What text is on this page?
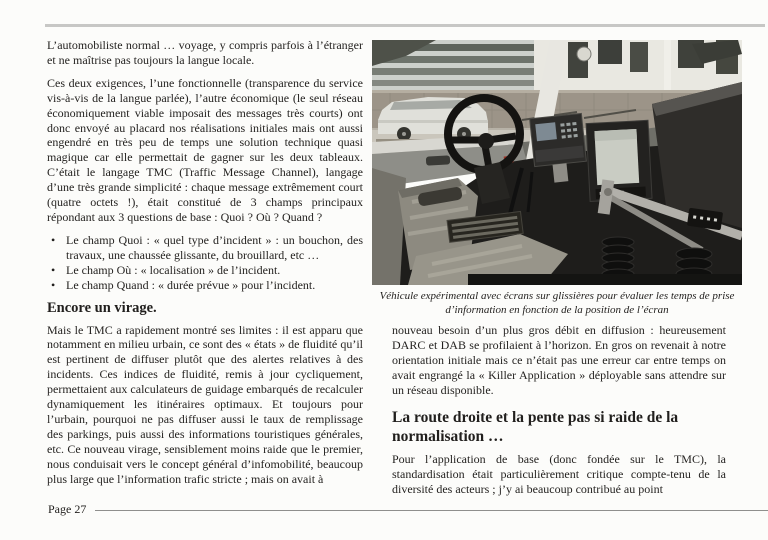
L’automobiliste normal … voyage, y compris parfois à l’étranger et ne maîtrise pas toujours la langue locale.

Ces deux exigences, l’une fonctionnelle (transparence du service vis-à-vis de la langue parlée), l’autre économique (le seul réseau économiquement viable imposait des messages très courts) ont donc envoyé au placard nos réalisations initiales mais ont aussi engendré en très peu de temps une solution technique quasi magique car elle permettait de gagner sur les deux tableaux. C’était le langage TMC (Traffic Message Channel), langage d’une très grande simplicité : chaque message extrêmement court (quatre octets !), était constitué de 3 champs principaux répondant aux 3 questions de base : Quoi ? Où ? Quand ?

• Le champ Quoi : « quel type d’incident » : un bouchon, des travaux, une chaussée glissante, du brouillard, etc …
• Le champ Où : « localisation » de l’incident.
• Le champ Quand : « durée prévue » pour l’incident.
Encore un virage.

Mais le TMC a rapidement montré ses limites : il est apparu que notamment en milieu urbain, ce sont des « états » de fluidité qu’il est pertinent de diffuser plutôt que des alertes relatives à des incidents. Ces indices de fluidité, remis à jour cycliquement, permettaient aux calculateurs de guidage embarqués de recalculer dynamiquement les itinéraires optimaux. Et toujours pour l’urbain, pourquoi ne pas diffuser aussi le taux de remplissage des parkings, puis aussi des informations touristiques générales, etc. Ce nouveau virage, sensiblement moins raide que le premier, nous conduisait vers le concept général d’infomobilité, beaucoup plus large que l’information trafic stricte ; mais on avait à

Véhicule expérimental avec écrans sur glissières pour évaluer les temps de prise d’information en fonction de la position de l’écran

nouveau besoin d’un plus gros débit en diffusion : heureusement DARC et DAB se profilaient à l’horizon. En gros on revenait à notre orientation initiale mais ce n’était pas une erreur car entre temps on avait engrangé la « Killer Application » déployable sans attendre sur un réseau disponible.

La route droite et la pente pas si raide de la normalisation …

Pour l’application de base (donc fondée sur le TMC), la standardisation était particulièrement critique compte-tenu de la diversité des acteurs ; j’y ai beaucoup contribué au point

Page 27
